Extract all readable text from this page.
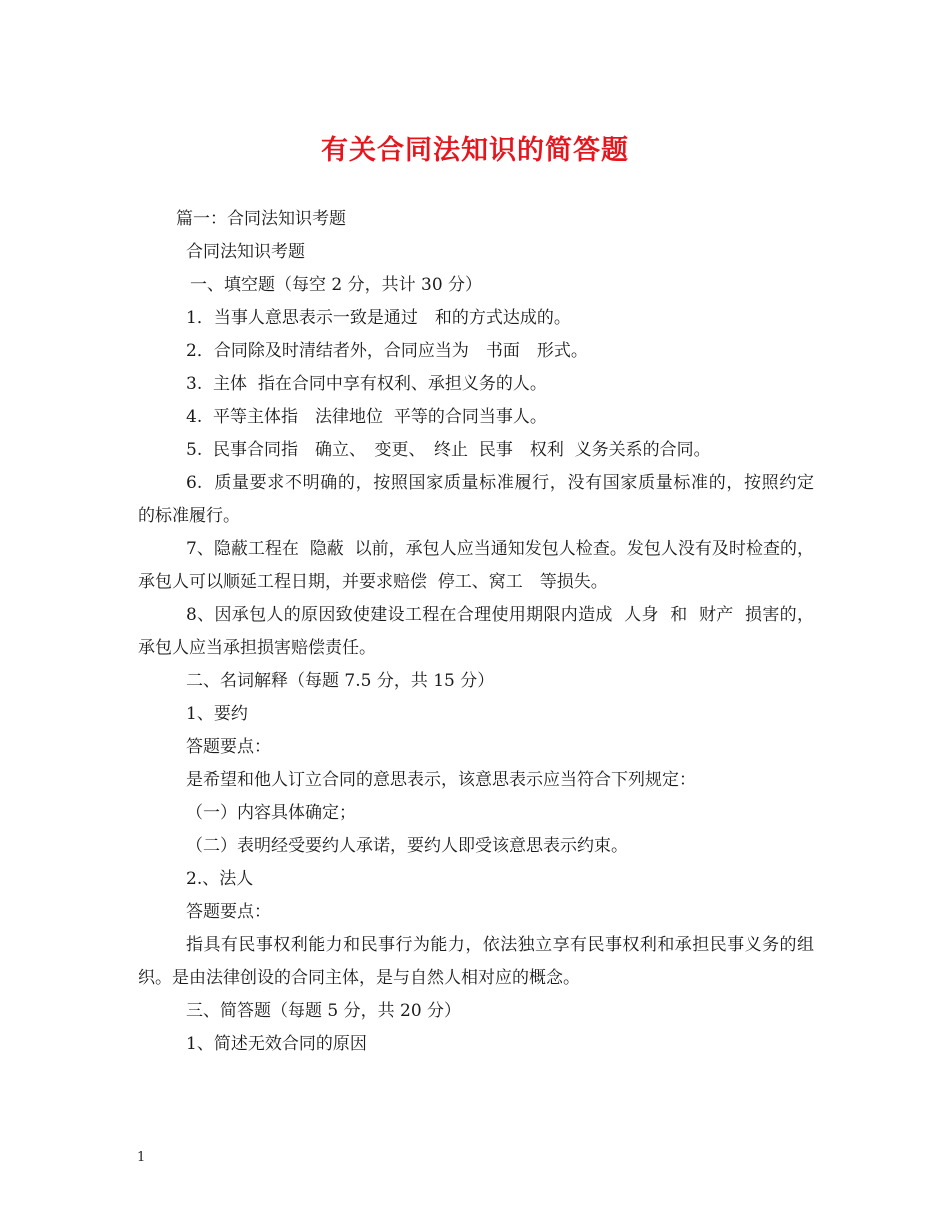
有关合同法知识的简答题

篇一：合同法知识考题

合同法知识考题

一、填空题（每空 2 分，共计 30 分）

1．当事人意思表示一致是通过　和的方式达成的。

2．合同除及时清结者外，合同应当为　书面　形式。

3.  主体  指在合同中享有权利、承担义务的人。

4.  平等主体指　法律地位  平等的合同当事人。

5.  民事合同指　确立、　变更、　终止  民事　权利  义务关系的合同。

6.  质量要求不明确的，按照国家质量标准履行，没有国家质量标准的，按照约定　的标准履行。

7、隐蔽工程在  隐蔽  以前，承包人应当通知发包人检查。发包人没有及时检查的，承包人可以顺延工程日期，并要求赔偿  停工、窝工　等损失。

8、因承包人的原因致使建设工程在合理使用期限内造成  人身  和  财产  损害的，承包人应当承担损害赔偿责任。

二、名词解释（每题 7.5 分，共 15 分）

1、要约

答题要点：

是希望和他人订立合同的意思表示，该意思表示应当符合下列规定：

（一）内容具体确定；

（二）表明经受要约人承诺，要约人即受该意思表示约束。

2.、法人

答题要点：

指具有民事权利能力和民事行为能力，依法独立享有民事权利和承担民事义务的组织。是由法律创设的合同主体，是与自然人相对应的概念。

三、简答题（每题 5 分，共 20 分）

1、简述无效合同的原因

1
